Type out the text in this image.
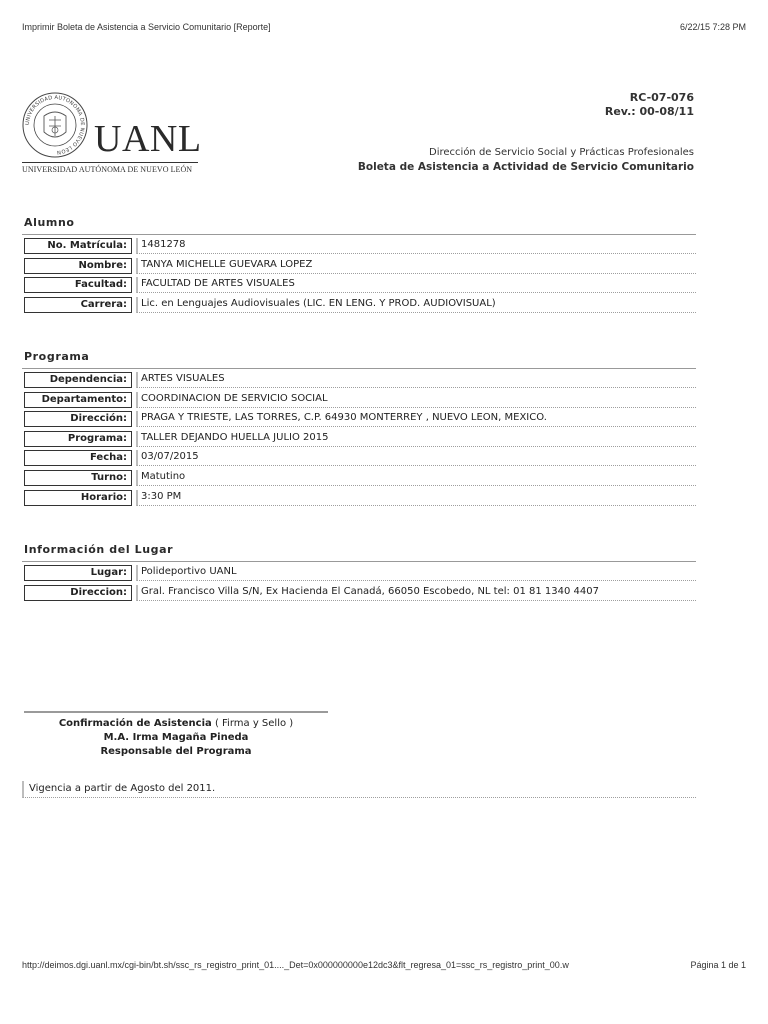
Imprimir Boleta de Asistencia a Servicio Comunitario [Reporte]	6/22/15 7:28 PM
UNIVERSIDAD AUTONOMA DE NUEVO LEON UANL
UNIVERSIDAD AUTÓNOMA DE NUEVO LEÓN
RC-07-076
Rev.: 00-08/11
Dirección de Servicio Social y Prácticas Profesionales
Boleta de Asistencia a Actividad de Servicio Comunitario
Alumno
No. Matrícula:	1481278
Nombre:	TANYA MICHELLE GUEVARA LOPEZ
Facultad:	FACULTAD DE ARTES VISUALES
Carrera:	Lic. en Lenguajes Audiovisuales (LIC. EN LENG. Y PROD. AUDIOVISUAL)
Programa
Dependencia:	ARTES VISUALES
Departamento:	COORDINACION DE SERVICIO SOCIAL
Dirección:	PRAGA Y TRIESTE, LAS TORRES, C.P. 64930 MONTERREY , NUEVO LEON, MEXICO.
Programa:	TALLER DEJANDO HUELLA JULIO 2015
Fecha:	03/07/2015
Turno:	Matutino
Horario:	3:30 PM
Información del Lugar
Lugar:	Polideportivo UANL
Direccion:	Gral. Francisco Villa S/N, Ex Hacienda El Canadá, 66050 Escobedo, NL tel: 01 81 1340 4407
Confirmación de Asistencia ( Firma y Sello )
M.A. Irma Magaña Pineda
Responsable del Programa
Vigencia a partir de Agosto del 2011.
http://deimos.dgi.uanl.mx/cgi-bin/bt.sh/ssc_rs_registro_print_01...._Det=0x000000000e12dc3&flt_regresa_01=ssc_rs_registro_print_00.w	Página 1 de 1
